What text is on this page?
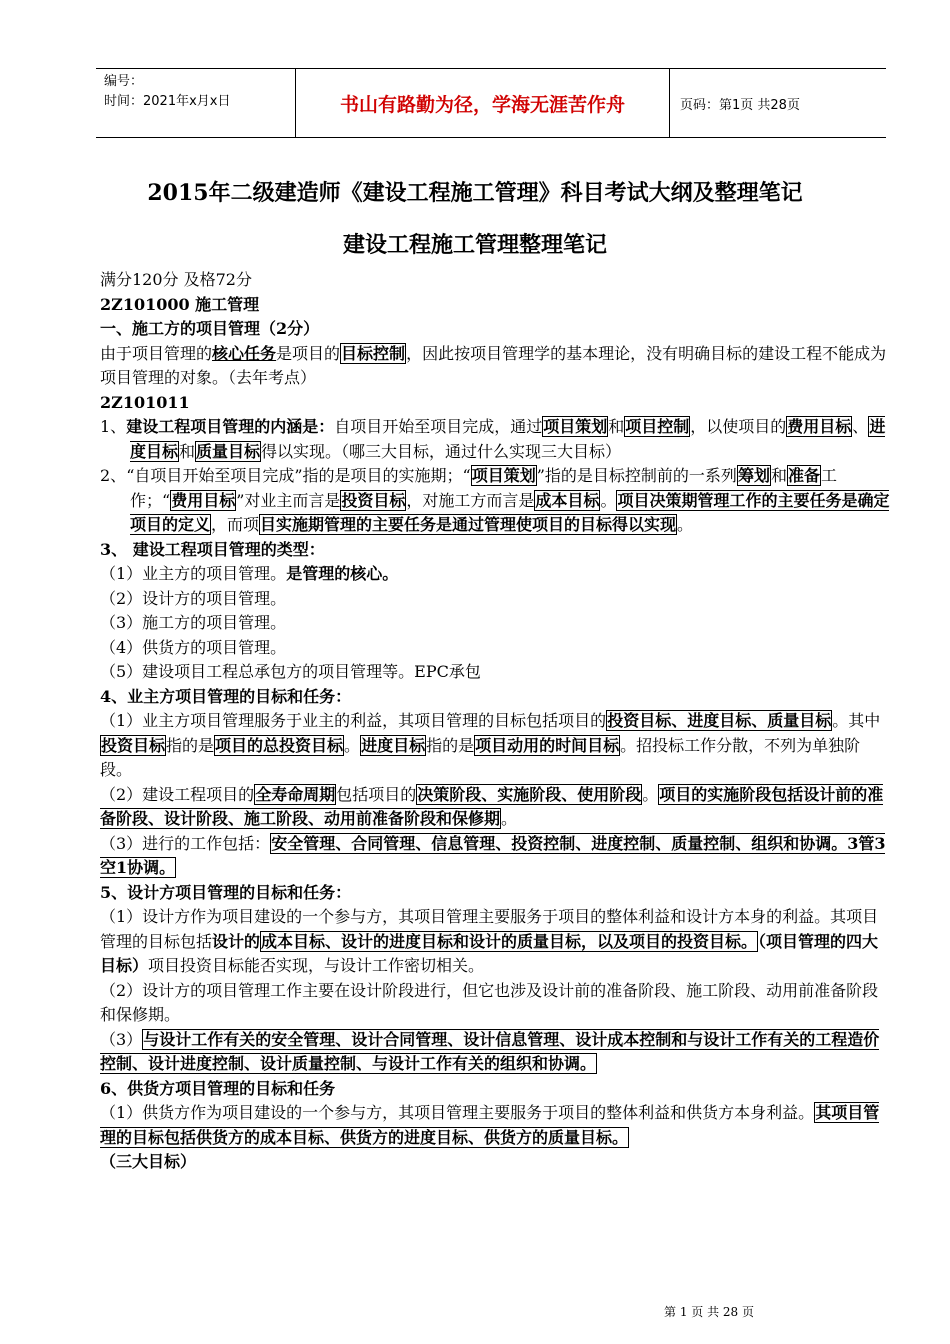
编号：
时间：2021年x月x日	书山有路勤为径，学海无涯苦作舟	页码：第1页 共28页
2015年二级建造师《建设工程施工管理》科目考试大纲及整理笔记
建设工程施工管理整理笔记

满分120分 及格72分

2Z101000 施工管理

一、施工方的项目管理（2分）

由于项目管理的核心任务是项目的目标控制，因此按项目管理学的基本理论，没有明确目标的建设工程不能成为项目管理的对象。（去年考点）

2Z101011

1、建设工程项目管理的内涵是：自项目开始至项目完成，通过项目策划和项目控制，以使项目的费用目标、进度目标和质量目标得以实现。（哪三大目标，通过什么实现三大目标）

2、“自项目开始至项目完成”指的是项目的实施期；“项目策划”指的是目标控制前的一系列筹划和准备工作；“费用目标”对业主而言是投资目标，对施工方而言是成本目标。项目决策期管理工作的主要任务是确定项目的定义，而项目实施期管理的主要任务是通过管理使项目的目标得以实现。

3、 建设工程项目管理的类型：

（1）业主方的项目管理。是管理的核心。

（2）设计方的项目管理。

（3）施工方的项目管理。

（4）供货方的项目管理。

（5）建设项目工程总承包方的项目管理等。EPC承包

4、业主方项目管理的目标和任务：

（1）业主方项目管理服务于业主的利益，其项目管理的目标包括项目的投资目标、进度目标、质量目标。其中投资目标指的是项目的总投资目标。进度目标指的是项目动用的时间目标。招投标工作分散，不列为单独阶段。

（2）建设工程项目的全寿命周期包括项目的决策阶段、实施阶段、使用阶段。项目的实施阶段包括设计前的准备阶段、设计阶段、施工阶段、动用前准备阶段和保修期。

（3）进行的工作包括：安全管理、合同管理、信息管理、投资控制、进度控制、质量控制、组织和协调。3管3空1协调。

5、设计方项目管理的目标和任务：

（1）设计方作为项目建设的一个参与方，其项目管理主要服务于项目的整体利益和设计方本身的利益。其项目管理的目标包括设计的成本目标、设计的进度目标和设计的质量目标，以及项目的投资目标。（项目管理的四大目标）项目投资目标能否实现，与设计工作密切相关。

（2）设计方的项目管理工作主要在设计阶段进行，但它也涉及设计前的准备阶段、施工阶段、动用前准备阶段和保修期。

（3）与设计工作有关的安全管理、设计合同管理、设计信息管理、设计成本控制和与设计工作有关的工程造价控制、设计进度控制、设计质量控制、与设计工作有关的组织和协调。

6、供货方项目管理的目标和任务

（1）供货方作为项目建设的一个参与方，其项目管理主要服务于项目的整体利益和供货方本身利益。其项目管理的目标包括供货方的成本目标、供货方的进度目标、供货方的质量目标。

（三大目标）

第 1 页 共 28 页
